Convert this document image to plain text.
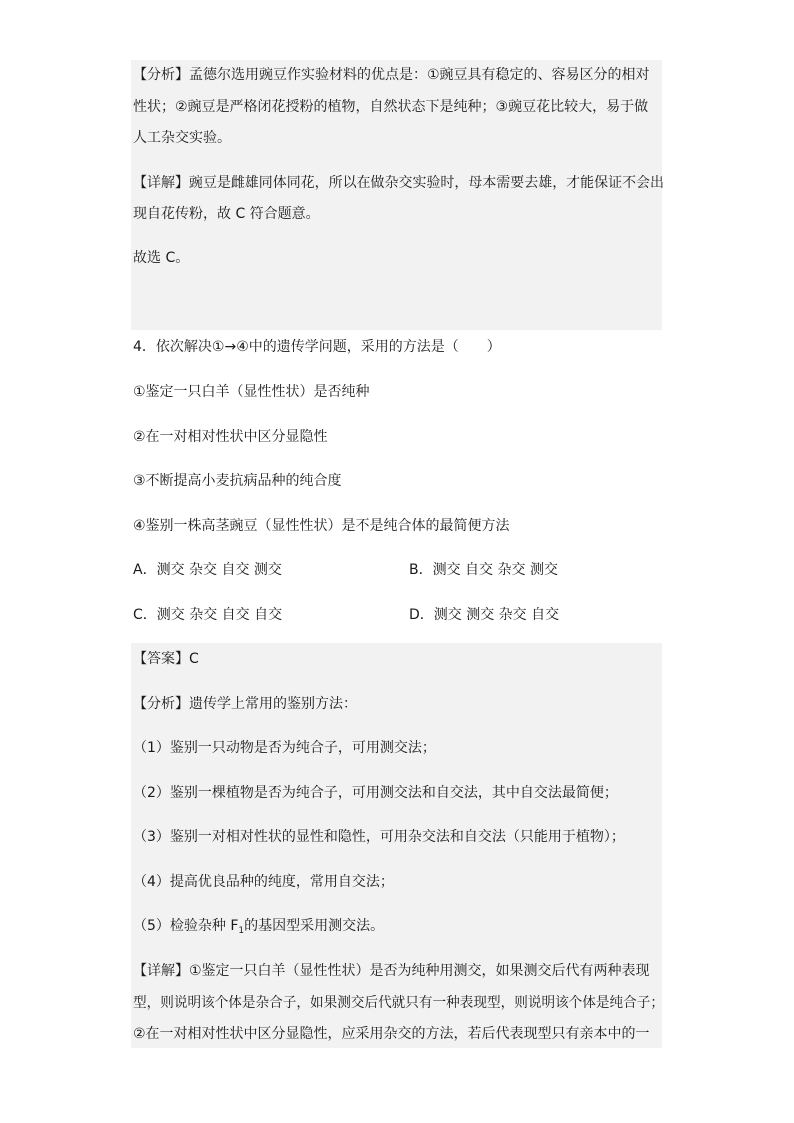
【分析】孟德尔选用豌豆作实验材料的优点是：①豌豆具有稳定的、容易区分的相对
性状；②豌豆是严格闭花授粉的植物，自然状态下是纯种；③豌豆花比较大，易于做
人工杂交实验。
【详解】豌豆是雌雄同体同花，所以在做杂交实验时，母本需要去雄，才能保证不会出
现自花传粉，故 C 符合题意。
故选 C。
4．依次解决①→④中的遗传学问题，采用的方法是（　　）
①鉴定一只白羊（显性性状）是否纯种
②在一对相对性状中区分显隐性
③不断提高小麦抗病品种的纯合度
④鉴别一株高茎豌豆（显性性状）是不是纯合体的最简便方法
A．测交 杂交 自交 测交	B．测交 自交 杂交 测交
C．测交 杂交 自交 自交	D．测交 测交 杂交 自交
【答案】C
【分析】遗传学上常用的鉴别方法：
（1）鉴别一只动物是否为纯合子，可用测交法；
（2）鉴别一棵植物是否为纯合子，可用测交法和自交法，其中自交法最简便；
（3）鉴别一对相对性状的显性和隐性，可用杂交法和自交法（只能用于植物）；
（4）提高优良品种的纯度，常用自交法；
（5）检验杂种 $F_1$的基因型采用测交法。
【详解】①鉴定一只白羊（显性性状）是否为纯种用测交，如果测交后代有两种表现
型，则说明该个体是杂合子，如果测交后代就只有一种表现型，则说明该个体是纯合子；
②在一对相对性状中区分显隐性，应采用杂交的方法，若后代表现型只有亲本中的一
